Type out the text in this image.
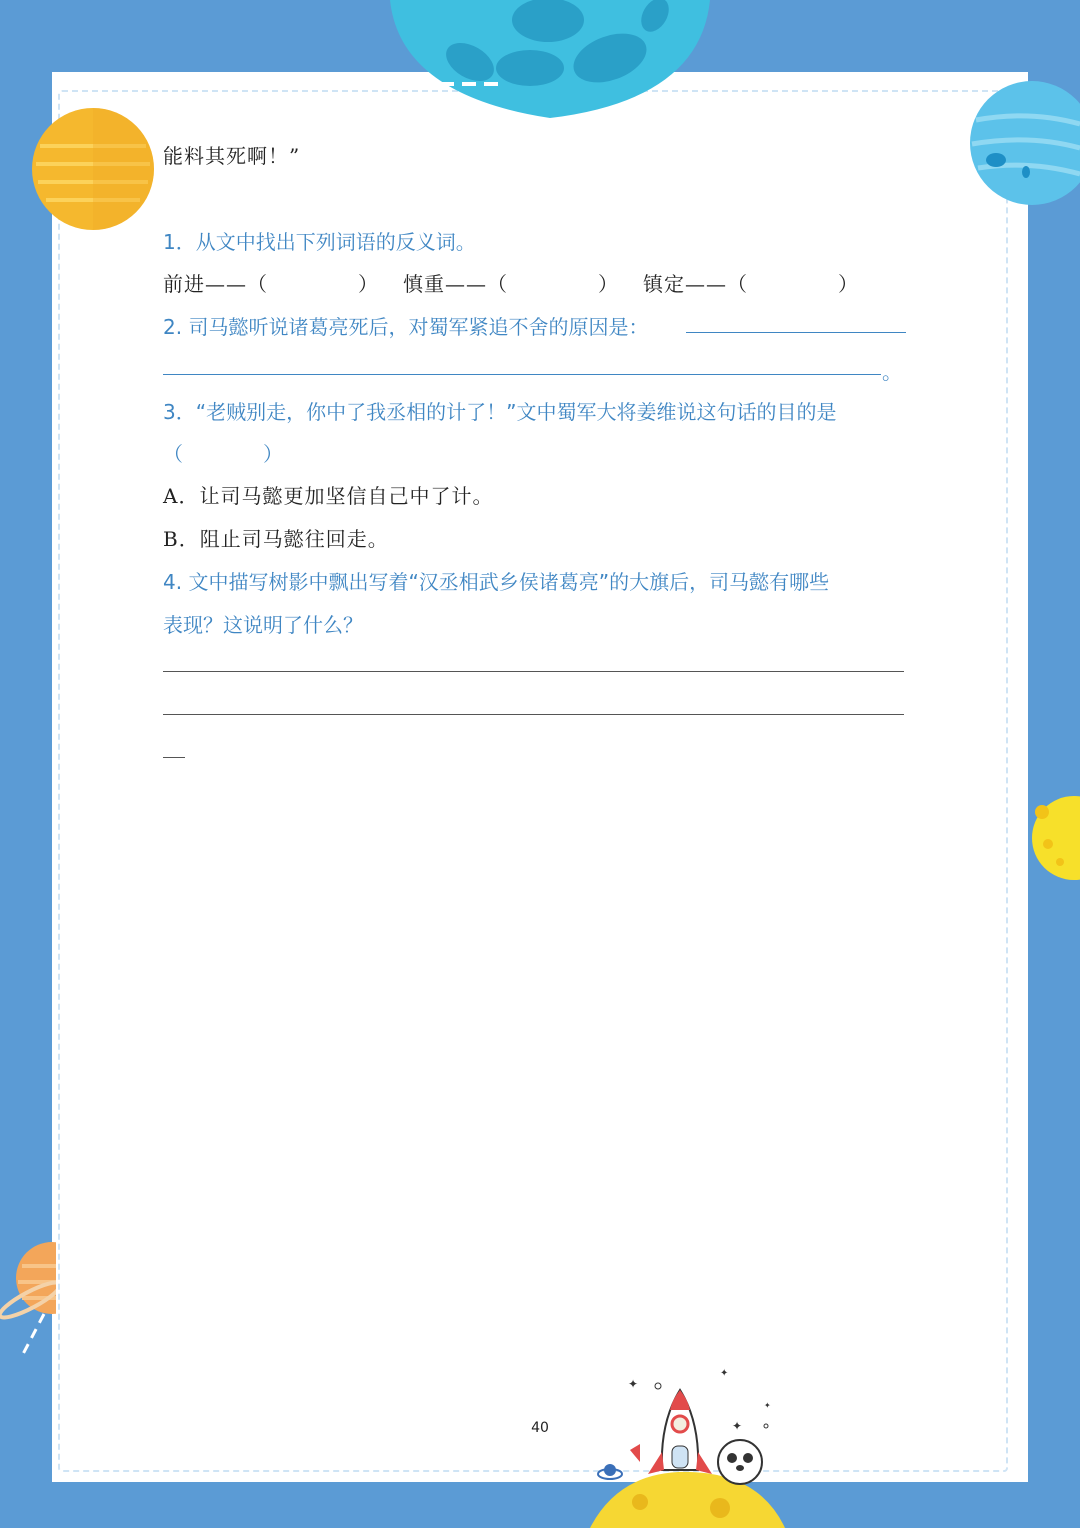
✦
✦
✦
✦
能料其死啊！”
1．从文中找出下列词语的反义词。
前进——（	） 慎重——（	） 镇定——（	）
2. 司马懿听说诸葛亮死后，对蜀军紧追不舍的原因是：
。
3．“老贼别走，你中了我丞相的计了！”文中蜀军大将姜维说这句话的目的是
（　　　　）
A．让司马懿更加坚信自己中了计。
B．阻止司马懿往回走。
4. 文中描写树影中飘出写着“汉丞相武乡侯诸葛亮”的大旗后，司马懿有哪些
表现？这说明了什么？
40
